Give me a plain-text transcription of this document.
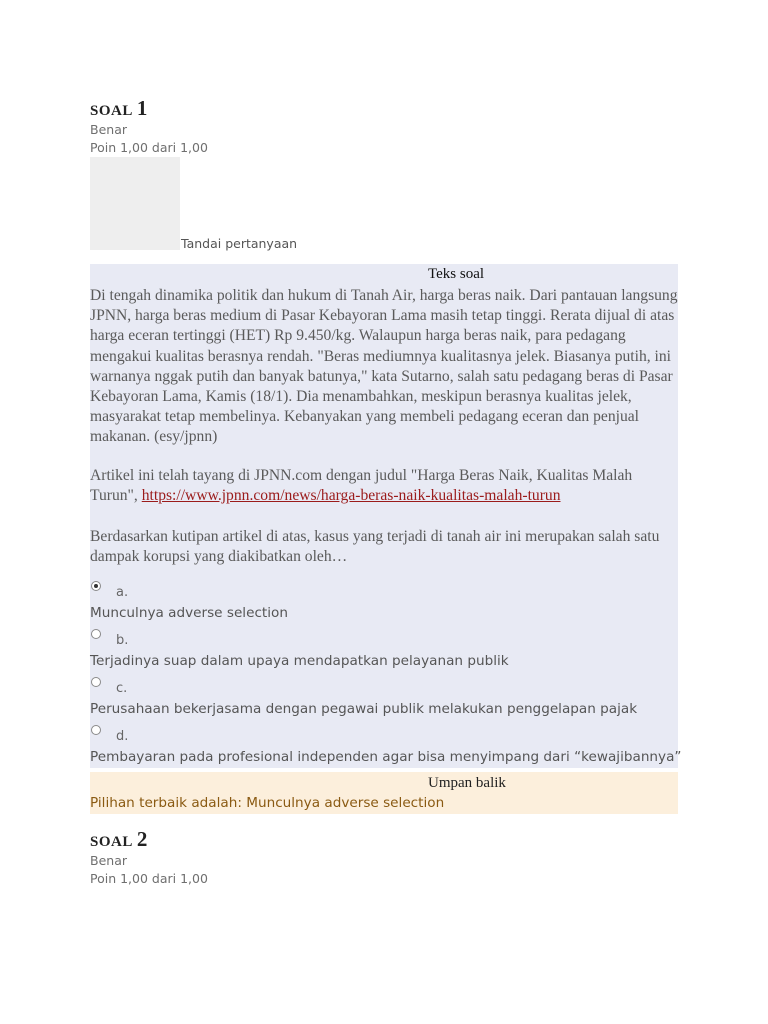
SOAL 1
Benar
Poin 1,00 dari 1,00
Tandai pertanyaan
Teks soal

Di tengah dinamika politik dan hukum di Tanah Air, harga beras naik. Dari pantauan langsung JPNN, harga beras medium di Pasar Kebayoran Lama masih tetap tinggi. Rerata dijual di atas harga eceran tertinggi (HET) Rp 9.450/kg. Walaupun harga beras naik, para pedagang mengakui kualitas berasnya rendah. "Beras mediumnya kualitasnya jelek. Biasanya putih, ini warnanya nggak putih dan banyak batunya," kata Sutarno, salah satu pedagang beras di Pasar Kebayoran Lama, Kamis (18/1). Dia menambahkan, meskipun berasnya kualitas jelek, masyarakat tetap membelinya. Kebanyakan yang membeli pedagang eceran dan penjual makanan. (esy/jpnn)

Artikel ini telah tayang di JPNN.com dengan judul "Harga Beras Naik, Kualitas Malah Turun", https://www.jpnn.com/news/harga-beras-naik-kualitas-malah-turun

Berdasarkan kutipan artikel di atas, kasus yang terjadi di tanah air ini merupakan salah satu dampak korupsi yang diakibatkan oleh…

a.
Munculnya adverse selection
b.
Terjadinya suap dalam upaya mendapatkan pelayanan publik
c.
Perusahaan bekerjasama dengan pegawai publik melakukan penggelapan pajak
d.
Pembayaran pada profesional independen agar bisa menyimpang dari “kewajibannya”
Umpan balik
Pilihan terbaik adalah: Munculnya adverse selection
SOAL 2
Benar
Poin 1,00 dari 1,00
